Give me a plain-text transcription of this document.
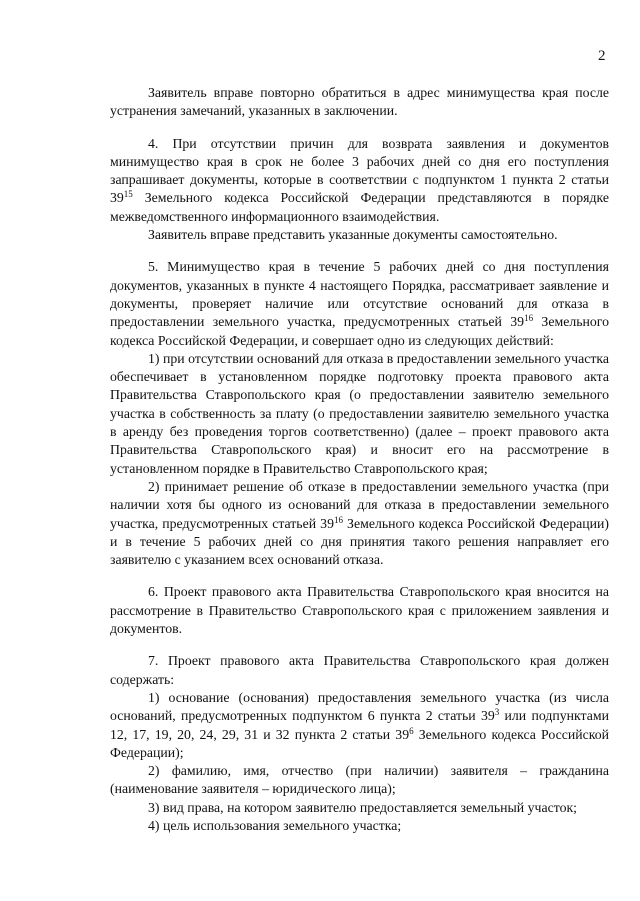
2

Заявитель вправе повторно обратиться в адрес минимущества края после устранения замечаний, указанных в заключении.

4. При отсутствии причин для возврата заявления и документов минимущество края в срок не более 3 рабочих дней со дня его поступления запрашивает документы, которые в соответствии с подпунктом 1 пункта 2 статьи $39^{15}$ Земельного кодекса Российской Федерации представляются в порядке межведомственного информационного взаимодействия.

Заявитель вправе представить указанные документы самостоятельно.

5. Минимущество края в течение 5 рабочих дней со дня поступления документов, указанных в пункте 4 настоящего Порядка, рассматривает заявление и документы, проверяет наличие или отсутствие оснований для отказа в предоставлении земельного участка, предусмотренных статьей $39^{16}$ Земельного кодекса Российской Федерации, и совершает одно из следующих действий:

1) при отсутствии оснований для отказа в предоставлении земельного участка обеспечивает в установленном порядке подготовку проекта правового акта Правительства Ставропольского края (о предоставлении заявителю земельного участка в собственность за плату (о предоставлении заявителю земельного участка в аренду без проведения торгов соответственно) (далее – проект правового акта Правительства Ставропольского края) и вносит его на рассмотрение в установленном порядке в Правительство Ставропольского края;

2) принимает решение об отказе в предоставлении земельного участка (при наличии хотя бы одного из оснований для отказа в предоставлении земельного участка, предусмотренных статьей $39^{16}$ Земельного кодекса Российской Федерации) и в течение 5 рабочих дней со дня принятия такого решения направляет его заявителю с указанием всех оснований отказа.

6. Проект правового акта Правительства Ставропольского края вносится на рассмотрение в Правительство Ставропольского края с приложением заявления и документов.

7. Проект правового акта Правительства Ставропольского края должен содержать:

1) основание (основания) предоставления земельного участка (из числа оснований, предусмотренных подпунктом 6 пункта 2 статьи $39^3$ или подпунктами 12, 17, 19, 20, 24, 29, 31 и 32 пункта 2 статьи $39^6$ Земельного кодекса Российской Федерации);

2) фамилию, имя, отчество (при наличии) заявителя – гражданина (наименование заявителя – юридического лица);

3) вид права, на котором заявителю предоставляется земельный участок;

4) цель использования земельного участка;
